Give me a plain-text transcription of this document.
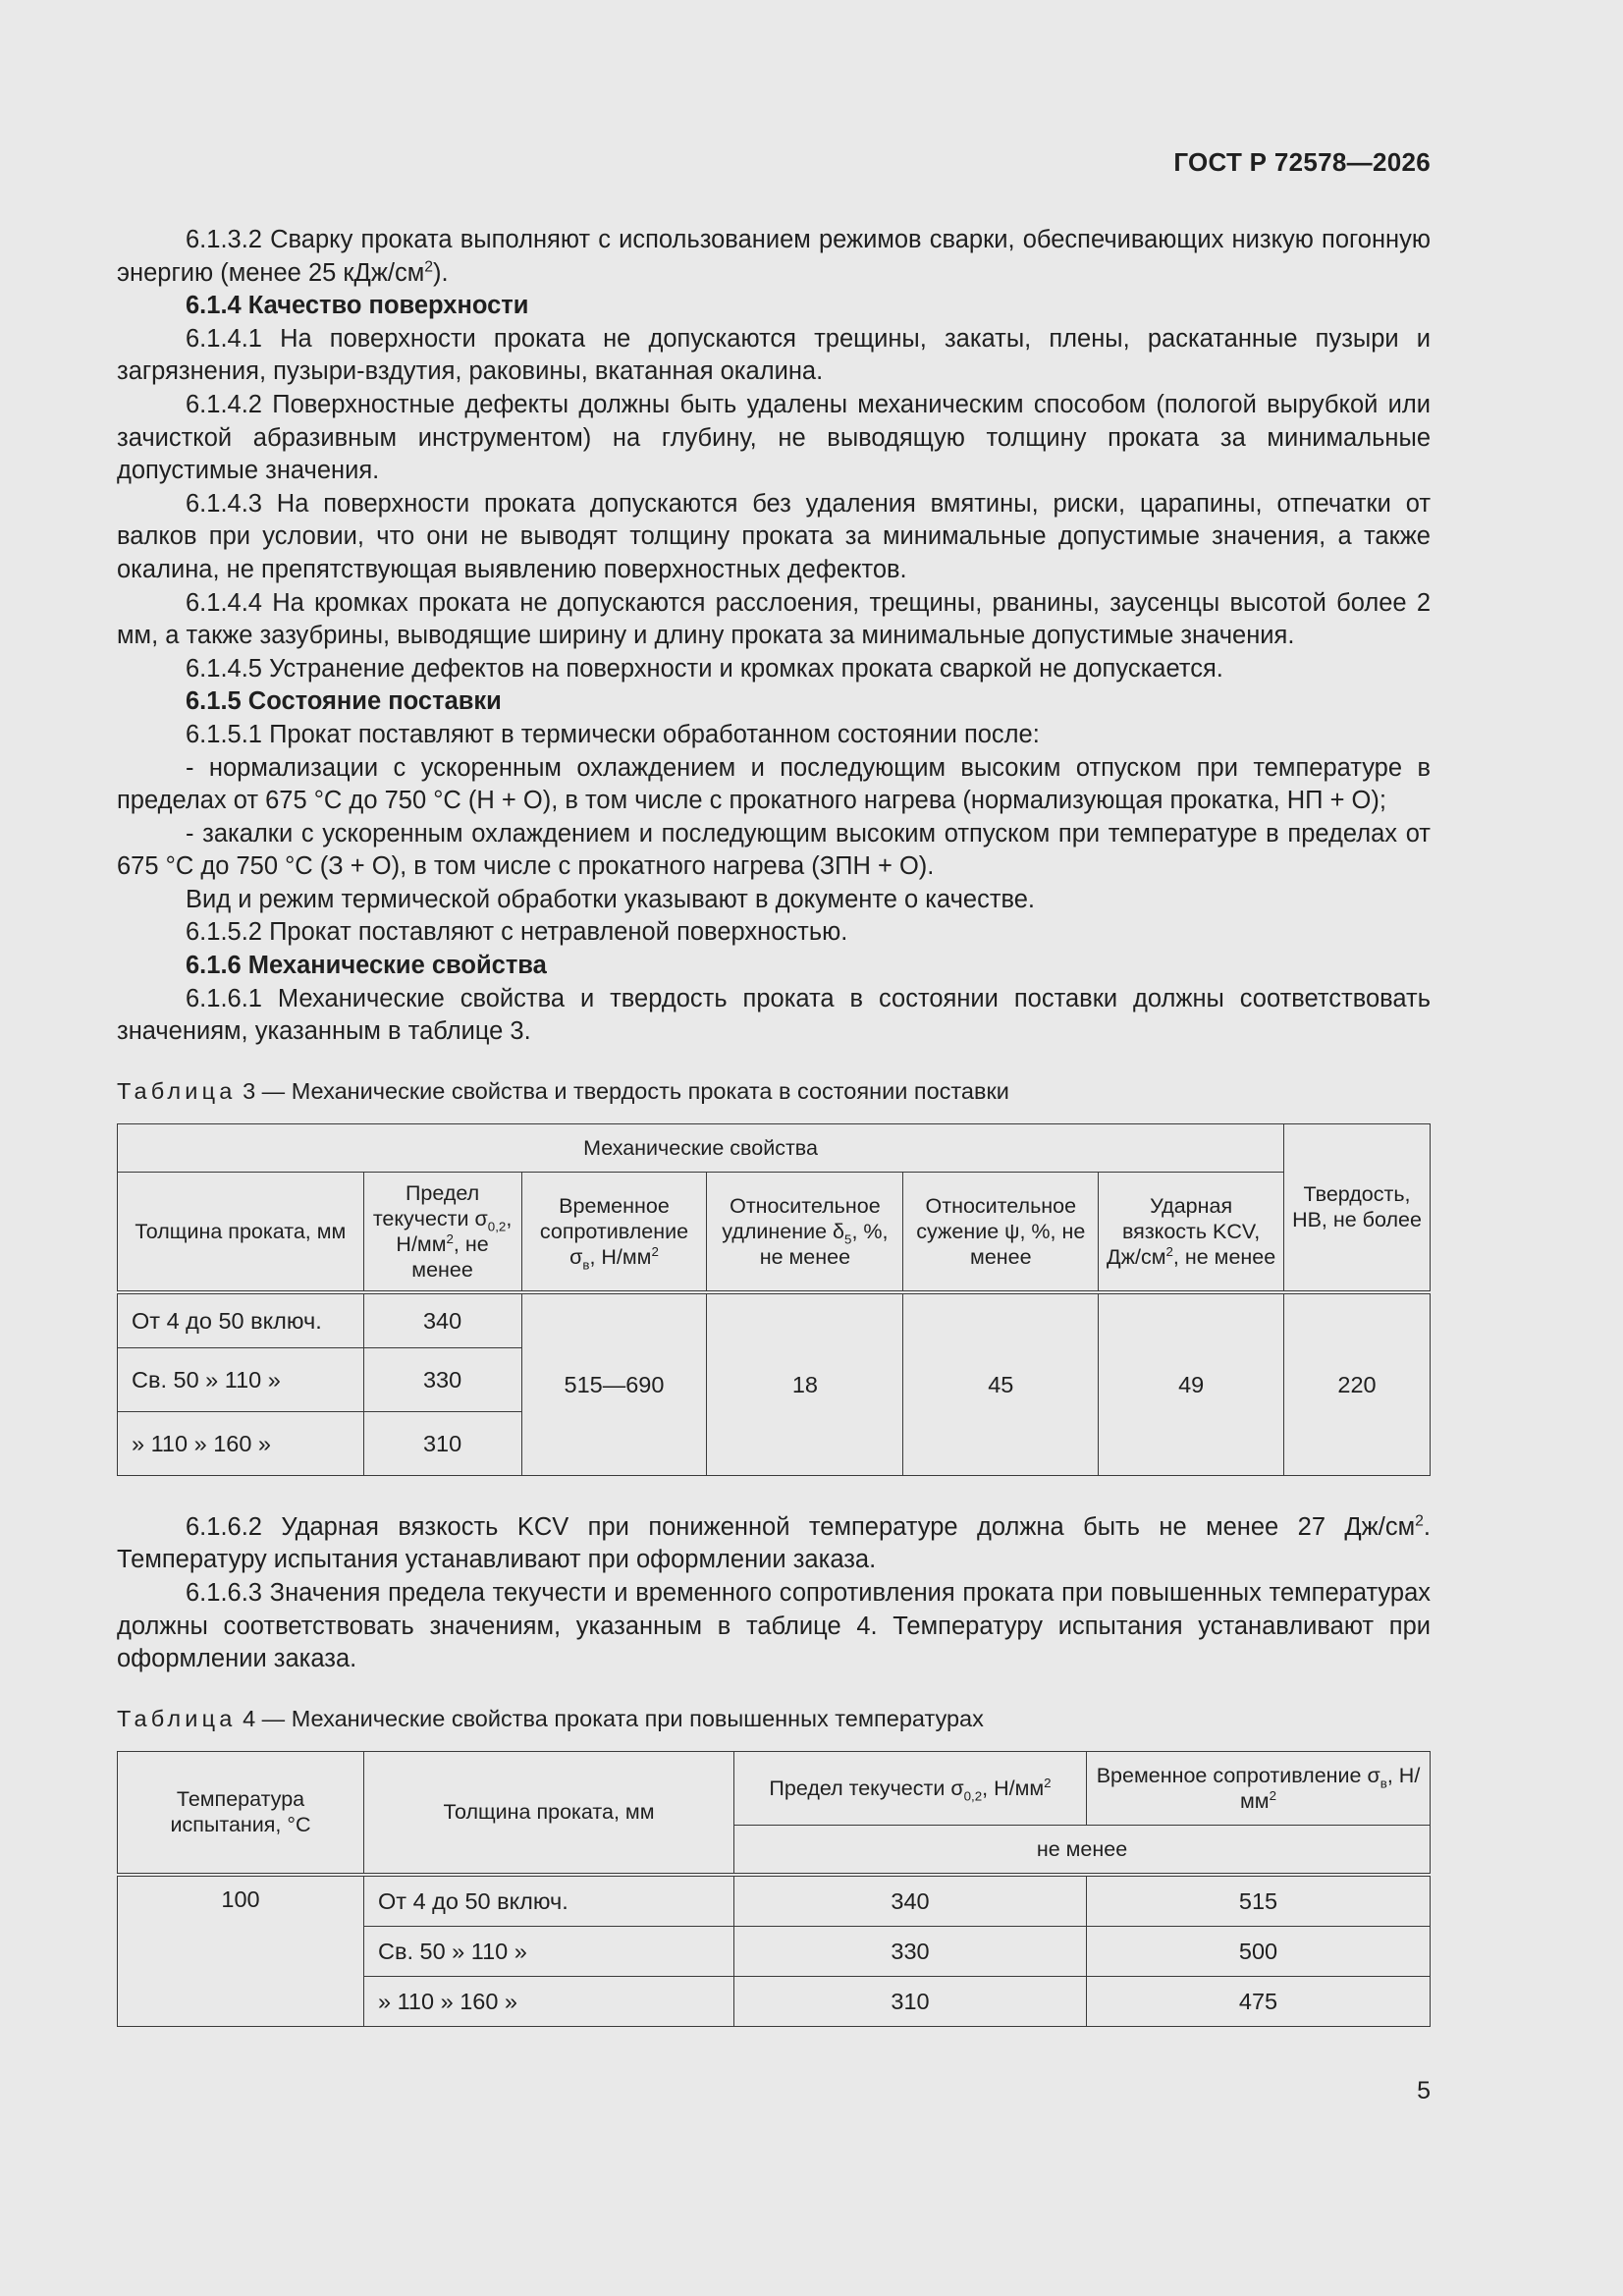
ГОСТ Р 72578—2026

6.1.3.2 Сварку проката выполняют с использованием режимов сварки, обеспечивающих низкую погонную энергию (менее 25 кДж/$см^2$).

6.1.4 Качество поверхности

6.1.4.1 На поверхности проката не допускаются трещины, закаты, плены, раскатанные пузыри и загрязнения, пузыри-вздутия, раковины, вкатанная окалина.

6.1.4.2 Поверхностные дефекты должны быть удалены механическим способом (пологой вырубкой или зачисткой абразивным инструментом) на глубину, не выводящую толщину проката за минимальные допустимые значения.

6.1.4.3 На поверхности проката допускаются без удаления вмятины, риски, царапины, отпечатки от валков при условии, что они не выводят толщину проката за минимальные допустимые значения, а также окалина, не препятствующая выявлению поверхностных дефектов.

6.1.4.4 На кромках проката не допускаются расслоения, трещины, рванины, заусенцы высотой более 2 мм, а также зазубрины, выводящие ширину и длину проката за минимальные допустимые значения.

6.1.4.5 Устранение дефектов на поверхности и кромках проката сваркой не допускается.

6.1.5 Состояние поставки

6.1.5.1 Прокат поставляют в термически обработанном состоянии после:

- нормализации с ускоренным охлаждением и последующим высоким отпуском при температуре в пределах от 675 °С до 750 °С (Н + О), в том числе с прокатного нагрева (нормализующая прокатка, НП + О);

- закалки с ускоренным охлаждением и последующим высоким отпуском при температуре в пределах от 675 °С до 750 °С (З + О), в том числе с прокатного нагрева (ЗПН + О).

Вид и режим термической обработки указывают в документе о качестве.

6.1.5.2 Прокат поставляют с нетравленой поверхностью.

6.1.6 Механические свойства

6.1.6.1 Механические свойства и твердость проката в состоянии поставки должны соответствовать значениям, указанным в таблице 3.

Таблица 3 — Механические свойства и твердость проката в состоянии поставки
Механические свойства						Твердость, НВ, не более
Толщина проката, мм	Предел текучести $\sigma_{0,2}$, $Н/мм^2$, не менее	Временное сопротивление $\sigma_в$, $Н/мм^2$	Относительное удлинение $\delta_5$, %, не менее	Относительное сужение ψ, %, не менее	Ударная вязкость KCV, $Дж/см^2$, не менее	
От 4 до 50 включ.	340	515—690	18	45	49	220
Св. 50 » 110 »	330					
» 110 » 160 »	310					

6.1.6.2 Ударная вязкость KCV при пониженной температуре должна быть не менее 27 $Дж/см^2$. Температуру испытания устанавливают при оформлении заказа.

6.1.6.3 Значения предела текучести и временного сопротивления проката при повышенных температурах должны соответствовать значениям, указанным в таблице 4. Температуру испытания устанавливают при оформлении заказа.

Таблица 4 — Механические свойства проката при повышенных температурах
Температура испытания, °С	Толщина проката, мм	Предел текучести $\sigma_{0,2}$, $Н/мм^2$	Временное сопротивление $\sigma_в$, $Н/мм^2$
		не менее	
100	От 4 до 50 включ.	340	515
	Св. 50 » 110 »	330	500
	» 110 » 160 »	310	475
5
